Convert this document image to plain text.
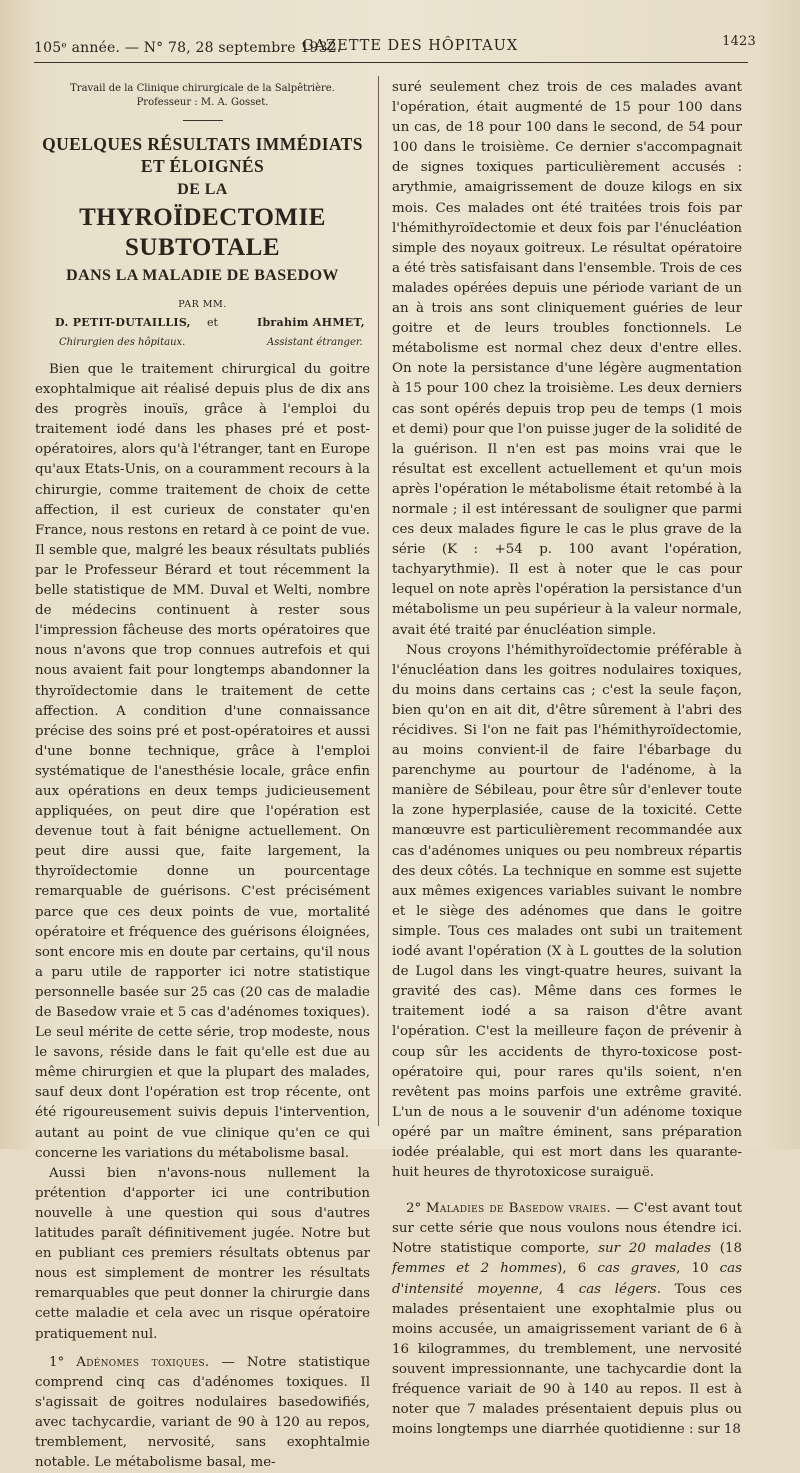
105ᵉ année. — N° 78, 28 septembre 1932.
GAZETTE DES HÔPITAUX	1423
Travail de la Clinique chirurgicale de la Salpêtrière.
Professeur : M. A. Gosset.
QUELQUES RÉSULTATS IMMÉDIATS ET ÉLOIGNÉS
DE LA
THYROÏDECTOMIE SUBTOTALE
DANS LA MALADIE DE BASEDOW
PAR MM.
D. PETIT-DUTAILLIS, et	Ibrahim AHMET,
Chirurgien des hôpitaux.	Assistant étranger.

Bien que le traitement chirurgical du goitre exophtalmique ait réalisé depuis plus de dix ans des progrès inouïs, grâce à l'emploi du traitement iodé dans les phases pré et post-opératoires, alors qu'à l'étranger, tant en Europe qu'aux Etats-Unis, on a couramment recours à la chirurgie, comme traitement de choix de cette affection, il est curieux de constater qu'en France, nous restons en retard à ce point de vue. Il semble que, malgré les beaux résultats publiés par le Professeur Bérard et tout récemment la belle statistique de MM. Duval et Welti, nombre de médecins continuent à rester sous l'impression fâcheuse des morts opératoires que nous n'avons que trop connues autrefois et qui nous avaient fait pour longtemps abandonner la thyroïdectomie dans le traitement de cette affection. A condition d'une connaissance précise des soins pré et post-opératoires et aussi d'une bonne technique, grâce à l'emploi systématique de l'anesthésie locale, grâce enfin aux opérations en deux temps judicieusement appliquées, on peut dire que l'opération est devenue tout à fait bénigne actuellement. On peut dire aussi que, faite largement, la thyroïdectomie donne un pourcentage remarquable de guérisons. C'est précisément parce que ces deux points de vue, mortalité opératoire et fréquence des guérisons éloignées, sont encore mis en doute par certains, qu'il nous a paru utile de rapporter ici notre statistique personnelle basée sur 25 cas (20 cas de maladie de Basedow vraie et 5 cas d'adénomes toxiques). Le seul mérite de cette série, trop modeste, nous le savons, réside dans le fait qu'elle est due au même chirurgien et que la plupart des malades, sauf deux dont l'opération est trop récente, ont été rigoureusement suivis depuis l'intervention, autant au point de vue clinique qu'en ce qui concerne les variations du métabolisme basal.

Aussi bien n'avons-nous nullement la prétention d'apporter ici une contribution nouvelle à une question qui sous d'autres latitudes paraît définitivement jugée. Notre but en publiant ces premiers résultats obtenus par nous est simplement de montrer les résultats remarquables que peut donner la chirurgie dans cette maladie et cela avec un risque opératoire pratiquement nul.

1° Adénomes toxiques. — Notre statistique comprend cinq cas d'adénomes toxiques. Il s'agissait de goitres nodulaires basedowifiés, avec tachycardie, variant de 90 à 120 au repos, tremblement, nervosité, sans exophtalmie notable. Le métabolisme basal, me-

suré seulement chez trois de ces malades avant l'opération, était augmenté de 15 pour 100 dans un cas, de 18 pour 100 dans le second, de 54 pour 100 dans le troisième. Ce dernier s'accompagnait de signes toxiques particulièrement accusés : arythmie, amaigrissement de douze kilogs en six mois. Ces malades ont été traitées trois fois par l'hémithyroïdectomie et deux fois par l'énucléation simple des noyaux goitreux. Le résultat opératoire a été très satisfaisant dans l'ensemble. Trois de ces malades opérées depuis une période variant de un an à trois ans sont cliniquement guéries de leur goitre et de leurs troubles fonctionnels. Le métabolisme est normal chez deux d'entre elles. On note la persistance d'une légère augmentation à 15 pour 100 chez la troisième. Les deux derniers cas sont opérés depuis trop peu de temps (1 mois et demi) pour que l'on puisse juger de la solidité de la guérison. Il n'en est pas moins vrai que le résultat est excellent actuellement et qu'un mois après l'opération le métabolisme était retombé à la normale ; il est intéressant de souligner que parmi ces deux malades figure le cas le plus grave de la série (K : +54 p. 100 avant l'opération, tachyarythmie). Il est à noter que le cas pour lequel on note après l'opération la persistance d'un métabolisme un peu supérieur à la valeur normale, avait été traité par énucléation simple.

Nous croyons l'hémithyroïdectomie préférable à l'énucléation dans les goitres nodulaires toxiques, du moins dans certains cas ; c'est la seule façon, bien qu'on en ait dit, d'être sûrement à l'abri des récidives. Si l'on ne fait pas l'hémithyroïdectomie, au moins convient-il de faire l'ébarbage du parenchyme au pourtour de l'adénome, à la manière de Sébileau, pour être sûr d'enlever toute la zone hyperplasiée, cause de la toxicité. Cette manœuvre est particulièrement recommandée aux cas d'adénomes uniques ou peu nombreux répartis des deux côtés. La technique en somme est sujette aux mêmes exigences variables suivant le nombre et le siège des adénomes que dans le goitre simple. Tous ces malades ont subi un traitement iodé avant l'opération (X à L gouttes de la solution de Lugol dans les vingt-quatre heures, suivant la gravité des cas). Même dans ces formes le traitement iodé a sa raison d'être avant l'opération. C'est la meilleure façon de prévenir à coup sûr les accidents de thyro-toxicose post-opératoire qui, pour rares qu'ils soient, n'en revêtent pas moins parfois une extrême gravité. L'un de nous a le souvenir d'un adénome toxique opéré par un maître éminent, sans préparation iodée préalable, qui est mort dans les quarante-huit heures de thyrotoxicose suraiguë.

2° Maladies de Basedow vraies. — C'est avant tout sur cette série que nous voulons nous étendre ici. Notre statistique comporte, sur 20 malades (18 femmes et 2 hommes), 6 cas graves, 10 cas d'intensité moyenne, 4 cas légers. Tous ces malades présentaient une exophtalmie plus ou moins accusée, un amaigrissement variant de 6 à 16 kilogrammes, du tremblement, une nervosité souvent impressionnante, une tachycardie dont la fréquence variait de 90 à 140 au repos. Il est à noter que 7 malades présentaient depuis plus ou moins longtemps une diarrhée quotidienne : sur 18
